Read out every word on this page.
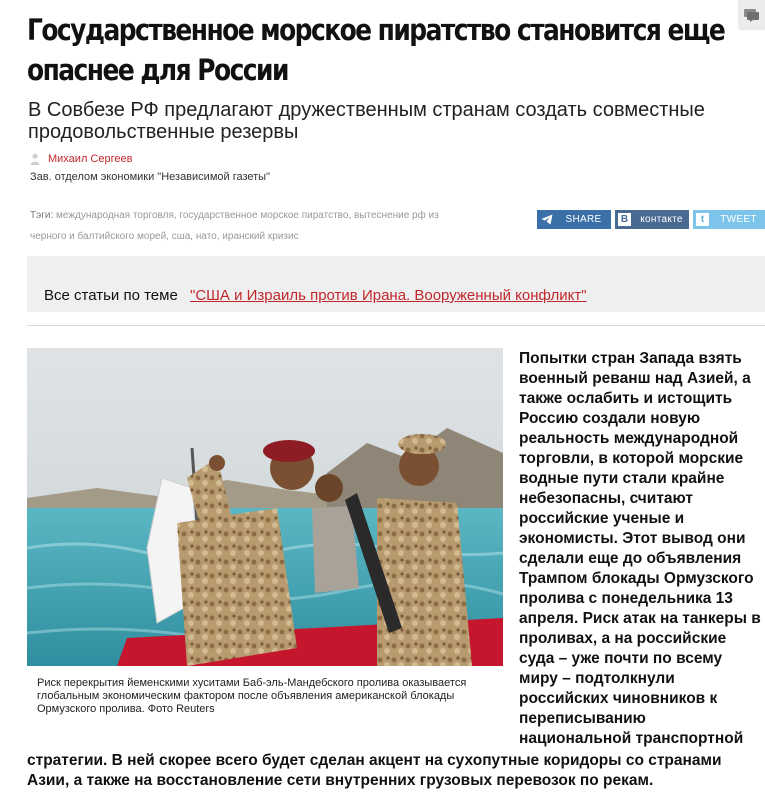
Государственное морское пиратство становится еще
опаснее для России
В Совбезе РФ предлагают дружественным странам создать совместные
продовольственные резервы
Михаил Сергеев
Зав. отделом экономики "Независимой газеты"
Тэги: международная торговля, государственное морское пиратство, вытеснение рф из
черного и балтийского морей, сша, нато, иранский кризис
SHARE	В	контакте	t	TWEET
Все статьи по теме "США и Израиль против Ирана. Вооруженный конфликт"
Риск перекрытия йеменскими хуситами Баб-эль-Мандебского пролива оказывается
глобальным экономическим фактором после объявления американской блокады
Ормузского пролива. Фото Reuters
Попытки стран Запада взять
военный реванш над Азией, а
также ослабить и истощить
Россию создали новую
реальность международной
торговли, в которой морские
водные пути стали крайне
небезопасны, считают
российские ученые и
экономисты. Этот вывод они
сделали еще до объявления
Трампом блокады Ормузского
пролива с понедельника 13
апреля. Риск атак на танкеры в
проливах, а на российские
суда – уже почти по всему
миру – подтолкнули
российских чиновников к
переписыванию
национальной транспортной
стратегии. В ней скорее всего будет сделан акцент на сухопутные коридоры со странами
Азии, а также на восстановление сети внутренних грузовых перевозок по рекам.
